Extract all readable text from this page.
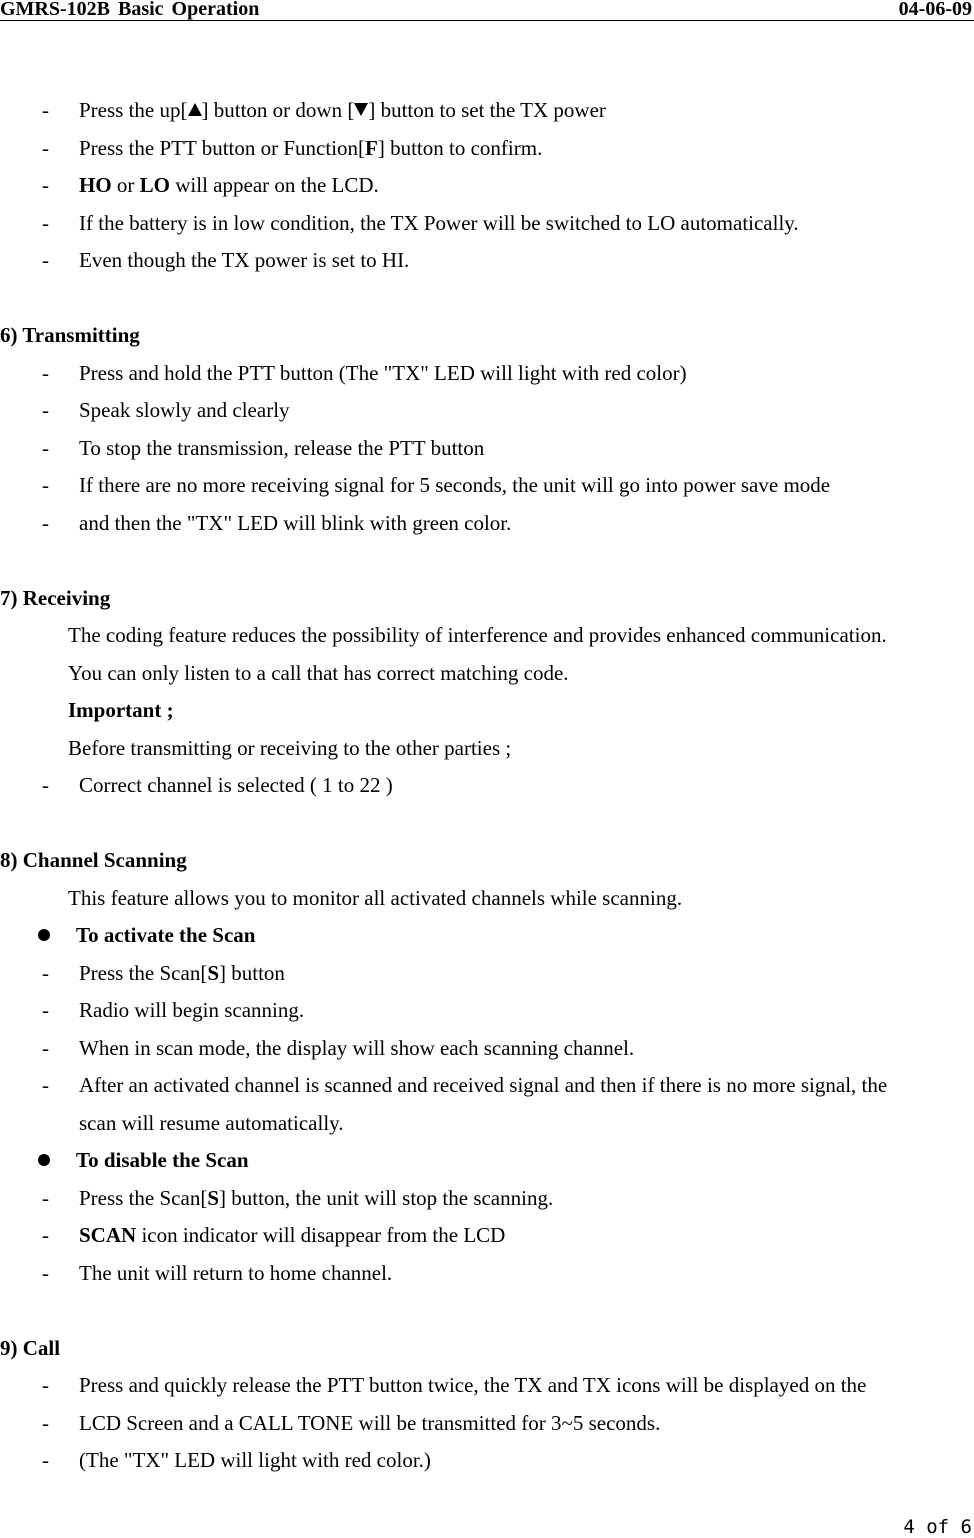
GMRS-102B Basic Operation	04-06-09
- Press the up[ ] button or down [ ] button to set the TX power
- Press the PTT button or Function[F] button to confirm.
- HO or LO will appear on the LCD.
- If the battery is in low condition, the TX Power will be switched to LO automatically.
- Even though the TX power is set to HI.
6) Transmitting
- Press and hold the PTT button (The "TX" LED will light with red color)
- Speak slowly and clearly
- To stop the transmission, release the PTT button
- If there are no more receiving signal for 5 seconds, the unit will go into power save mode
- and then the "TX" LED will blink with green color.
7) Receiving
The coding feature reduces the possibility of interference and provides enhanced communication.
You can only listen to a call that has correct matching code.
Important ;
Before transmitting or receiving to the other parties ;
- Correct channel is selected ( 1 to 22 )
8) Channel Scanning
This feature allows you to monitor all activated channels while scanning.
To activate the Scan
- Press the Scan[S] button
- Radio will begin scanning.
- When in scan mode, the display will show each scanning channel.
- After an activated channel is scanned and received signal and then if there is no more signal, the
scan will resume automatically.
To disable the Scan
- Press the Scan[S] button, the unit will stop the scanning.
- SCAN icon indicator will disappear from the LCD
- The unit will return to home channel.
9) Call
- Press and quickly release the PTT button twice, the TX and TX icons will be displayed on the
- LCD Screen and a CALL TONE will be transmitted for 3~5 seconds.
- (The "TX" LED will light with red color.)
4 of 6
